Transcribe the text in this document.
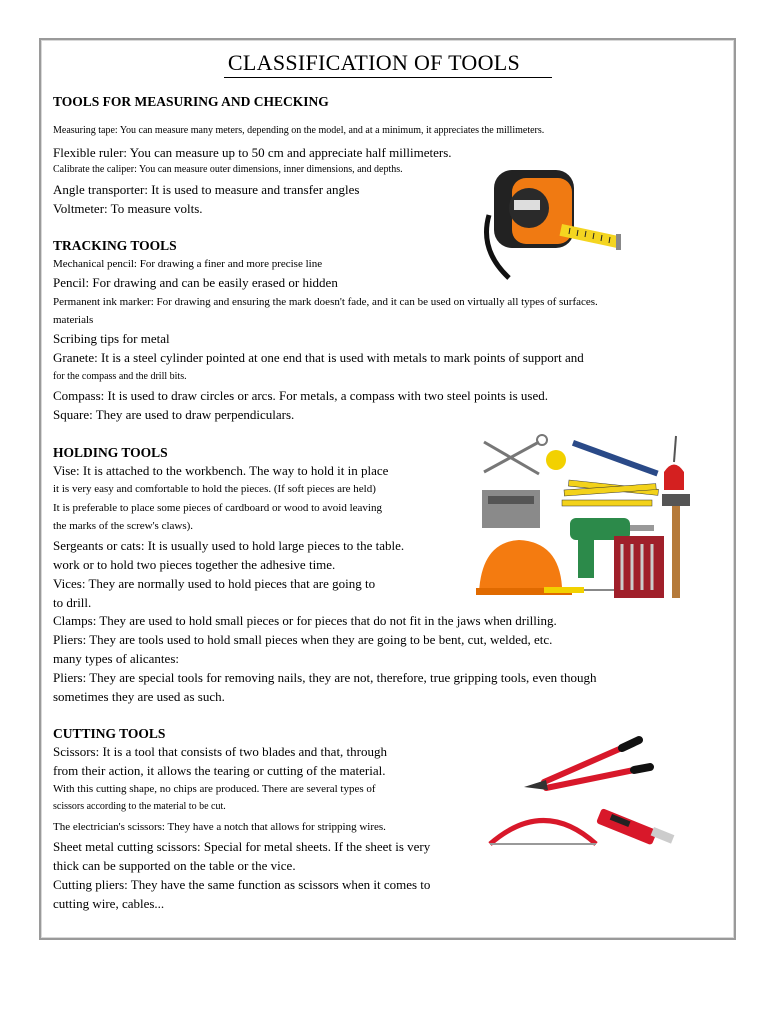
CLASSIFICATION OF TOOLS
TOOLS FOR MEASURING AND CHECKING
Measuring tape: You can measure many meters, depending on the model, and at a minimum, it appreciates the millimeters.
Flexible ruler: You can measure up to 50 cm and appreciate half millimeters.
Calibrate the caliper: You can measure outer dimensions, inner dimensions, and depths.
Angle transporter: It is used to measure and transfer angles
Voltmeter: To measure volts.
TRACKING TOOLS
Mechanical pencil: For drawing a finer and more precise line
Pencil: For drawing and can be easily erased or hidden
Permanent ink marker: For drawing and ensuring the mark doesn't fade, and it can be used on virtually all types of surfaces.
materials
Scribing tips for metal
Granete: It is a steel cylinder pointed at one end that is used with metals to mark points of support and
for the compass and the drill bits.
Compass: It is used to draw circles or arcs. For metals, a compass with two steel points is used.
Square: They are used to draw perpendiculars.
HOLDING TOOLS
Vise: It is attached to the workbench. The way to hold it in place
it is very easy and comfortable to hold the pieces. (If soft pieces are held)
It is preferable to place some pieces of cardboard or wood to avoid leaving
the marks of the screw's claws).
Sergeants or cats: It is usually used to hold large pieces to the table.
work or to hold two pieces together the adhesive time.
Vices: They are normally used to hold pieces that are going to
to drill.
Clamps: They are used to hold small pieces or for pieces that do not fit in the jaws when drilling.
Pliers: They are tools used to hold small pieces when they are going to be bent, cut, welded, etc.
many types of alicantes:
Pliers: They are special tools for removing nails, they are not, therefore, true gripping tools, even though
sometimes they are used as such.
CUTTING TOOLS
Scissors: It is a tool that consists of two blades and that, through
from their action, it allows the tearing or cutting of the material.
With this cutting shape, no chips are produced. There are several types of
scissors according to the material to be cut.
The electrician's scissors: They have a notch that allows for stripping wires.
Sheet metal cutting scissors: Special for metal sheets. If the sheet is very
thick can be supported on the table or the vice.
Cutting pliers: They have the same function as scissors when it comes to
cutting wire, cables...
